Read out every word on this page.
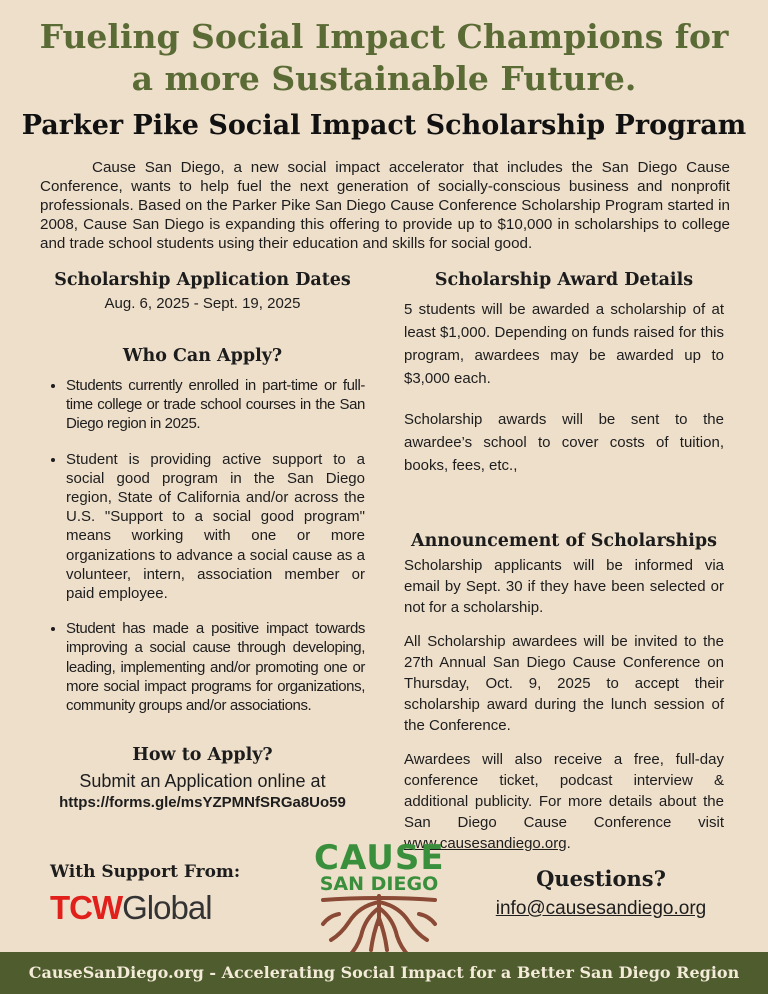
Fueling Social Impact Champions for
a more Sustainable Future.
Parker Pike Social Impact Scholarship Program
Cause San Diego, a new social impact accelerator that includes the San Diego Cause Conference, wants to help fuel the next generation of socially-conscious business and nonprofit professionals. Based on the Parker Pike San Diego Cause Conference Scholarship Program started in 2008, Cause San Diego is expanding this offering to provide up to $10,000 in scholarships to college and trade school students using their education and skills for social good.
Scholarship Application Dates
Aug. 6, 2025 - Sept. 19, 2025
Who Can Apply?
• Students currently enrolled in part-time or full-time college or trade school courses in the San Diego region in 2025.
• Student is providing active support to a social good program in the San Diego region, State of California and/or across the U.S. "Support to a social good program" means working with one or more organizations to advance a social cause as a volunteer, intern, association member or paid employee.
• Student has made a positive impact towards improving a social cause through developing, leading, implementing and/or promoting one or more social impact programs for organizations, community groups and/or associations.
How to Apply?
Submit an Application online at
https://forms.gle/msYZPMNfSRGa8Uo59
Scholarship Award Details

5 students will be awarded a scholarship of at least $1,000. Depending on funds raised for this program, awardees may be awarded up to $3,000 each.

Scholarship awards will be sent to the awardee’s school to cover costs of tuition, books, fees, etc.,

Announcement of Scholarships

Scholarship applicants will be informed via email by Sept. 30 if they have been selected or not for a scholarship.

All Scholarship awardees will be invited to the 27th Annual San Diego Cause Conference on Thursday, Oct. 9, 2025 to accept their scholarship award during the lunch session of the Conference.

Awardees will also receive a free, full-day conference ticket, podcast interview & additional publicity. For more details about the San Diego Cause Conference visit www.causesandiego.org.

With Support From:
TCWGlobal
CAUSE
SAN DIEGO	Questions?
info@causesandiego.org
CauseSanDiego.org - Accelerating Social Impact for a Better San Diego Region
